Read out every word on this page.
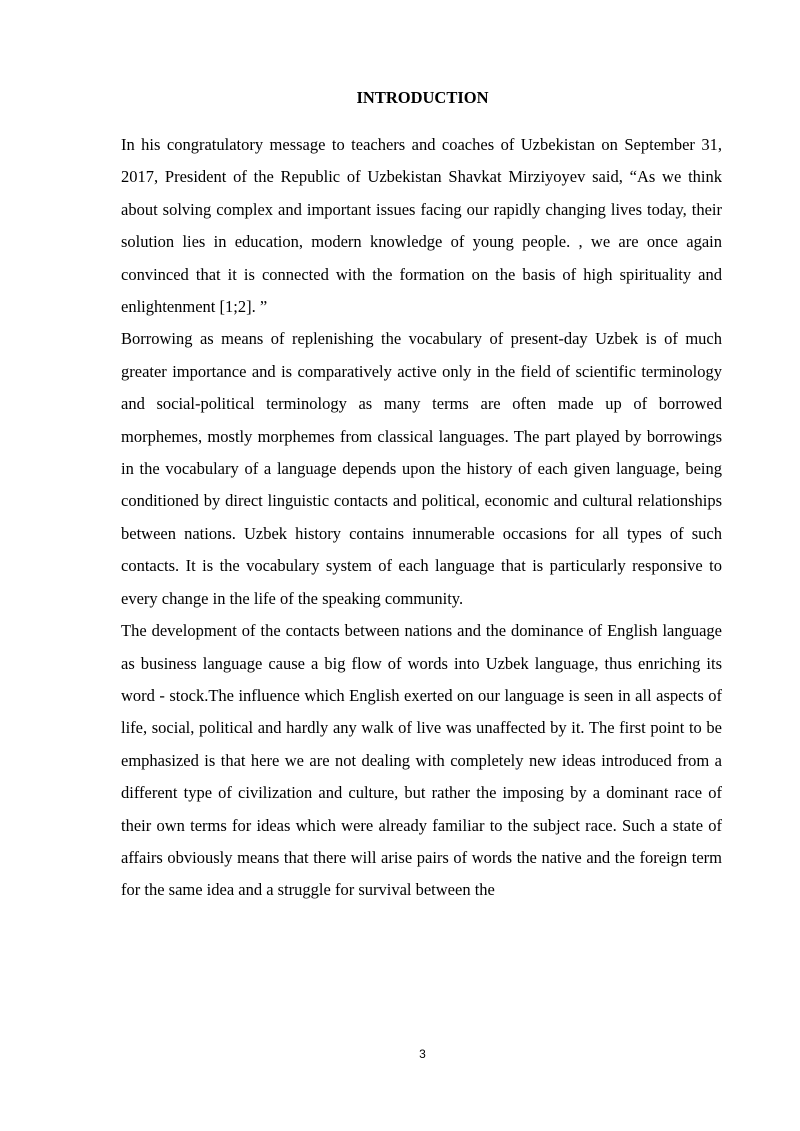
INTRODUCTION

In his congratulatory message to teachers and coaches of Uzbekistan on September 31, 2017, President of the Republic of Uzbekistan Shavkat Mirziyoyev said, “As we think about solving complex and important issues facing our rapidly changing lives today, their solution lies in education, modern knowledge of young people. , we are once again convinced that it is connected with the formation on the basis of high spirituality and enlightenment [1;2]. ”

Borrowing as means of replenishing the vocabulary of present-day Uzbek is of much greater importance and is comparatively active only in the field of scientific terminology and social-political terminology as many terms are often made up of borrowed morphemes, mostly morphemes from classical languages. The part played by borrowings in the vocabulary of a language depends upon the history of each given language, being conditioned by direct linguistic contacts and political, economic and cultural relationships between nations. Uzbek history contains innumerable occasions for all types of such contacts. It is the vocabulary system of each language that is particularly responsive to every change in the life of the speaking community.

The development of the contacts between nations and the dominance of English language as business language cause a big flow of words into Uzbek language, thus enriching its word - stock.The influence which English exerted on our language is seen in all aspects of life, social, political and hardly any walk of live was unaffected by it. The first point to be emphasized is that here we are not dealing with completely new ideas introduced from a different type of civilization and culture, but rather the imposing by a dominant race of their own terms for ideas which were already familiar to the subject race. Such a state of affairs obviously means that there will arise pairs of words the native and the foreign term for the same idea and a struggle for survival between the

3
